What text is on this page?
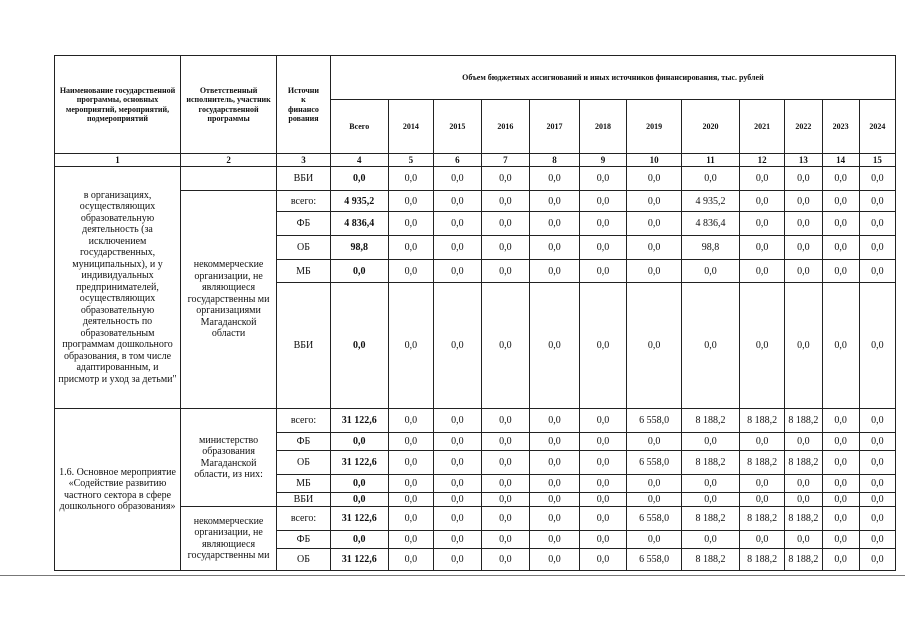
Наименование государственной программы, основных мероприятий, мероприятий, подмероприятий	Ответственный исполнитель, участник государственной программы	Источни
к
финансо
рования	Объем бюджетных ассигнований и иных источников финансирования, тыс. рублей											
			Всего	2014	2015	2016	2017	2018	2019	2020	2021	2022	2023	2024
1	2	3	4	5	6	7	8	9	10	11	12	13	14	15
в организациях, осуществляющих образовательную деятельность (за исключением государственных, муниципальных), и у индивидуальных предпринимателей, осуществляющих образовательную деятельность по образовательным программам дошкольного образования, в том числе адаптированным, и присмотр и уход за детьми"		ВБИ	0,0	0,0	0,0	0,0	0,0	0,0	0,0	0,0	0,0	0,0	0,0	0,0
	некоммерческие организации, не являющиеся государственны ми организациями Магаданской области	всего:	4 935,2	0,0	0,0	0,0	0,0	0,0	0,0	4 935,2	0,0	0,0	0,0	0,0
		ФБ	4 836,4	0,0	0,0	0,0	0,0	0,0	0,0	4 836,4	0,0	0,0	0,0	0,0
		ОБ	98,8	0,0	0,0	0,0	0,0	0,0	0,0	98,8	0,0	0,0	0,0	0,0
		МБ	0,0	0,0	0,0	0,0	0,0	0,0	0,0	0,0	0,0	0,0	0,0	0,0
		ВБИ	0,0	0,0	0,0	0,0	0,0	0,0	0,0	0,0	0,0	0,0	0,0	0,0
1.6. Основное мероприятие «Содействие развитию частного сектора в сфере дошкольного образования»	министерство образования Магаданской области, из них:	всего:	31 122,6	0,0	0,0	0,0	0,0	0,0	6 558,0	8 188,2	8 188,2	8 188,2	0,0	0,0
		ФБ	0,0	0,0	0,0	0,0	0,0	0,0	0,0	0,0	0,0	0,0	0,0	0,0
		ОБ	31 122,6	0,0	0,0	0,0	0,0	0,0	6 558,0	8 188,2	8 188,2	8 188,2	0,0	0,0
		МБ	0,0	0,0	0,0	0,0	0,0	0,0	0,0	0,0	0,0	0,0	0,0	0,0
		ВБИ	0,0	0,0	0,0	0,0	0,0	0,0	0,0	0,0	0,0	0,0	0,0	0,0
	некоммерческие организации, не являющиеся государственны ми	всего:	31 122,6	0,0	0,0	0,0	0,0	0,0	6 558,0	8 188,2	8 188,2	8 188,2	0,0	0,0
		ФБ	0,0	0,0	0,0	0,0	0,0	0,0	0,0	0,0	0,0	0,0	0,0	0,0
		ОБ	31 122,6	0,0	0,0	0,0	0,0	0,0	6 558,0	8 188,2	8 188,2	8 188,2	0,0	0,0
